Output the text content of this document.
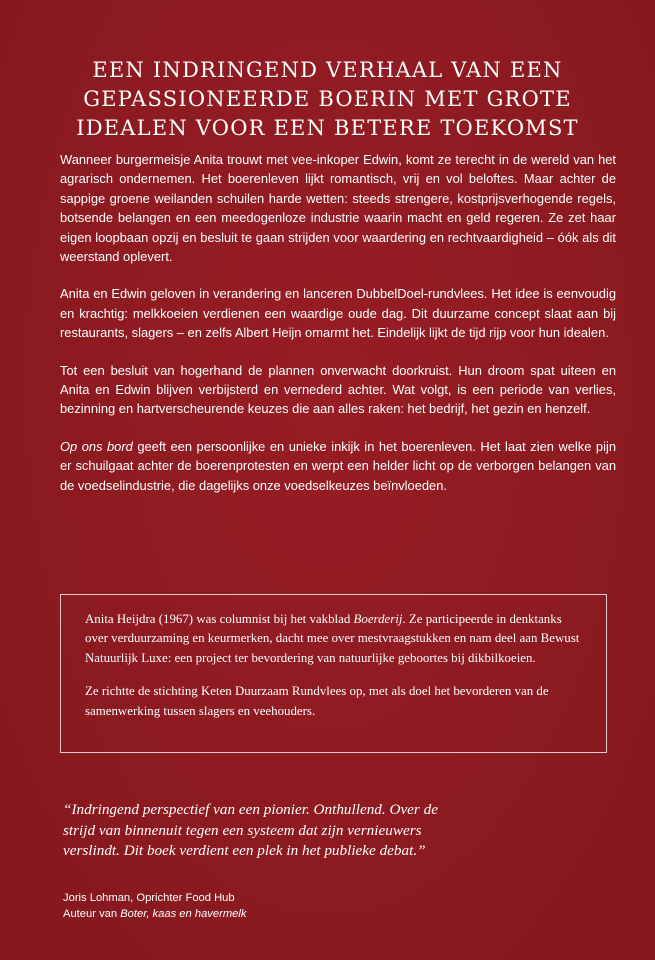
EEN INDRINGEND VERHAAL VAN EEN
GEPASSIONEERDE BOERIN MET GROTE
IDEALEN VOOR EEN BETERE TOEKOMST

Wanneer burgermeisje Anita trouwt met vee-inkoper Edwin, komt ze terecht in de wereld van het agrarisch ondernemen. Het boerenleven lijkt romantisch, vrij en vol beloftes. Maar achter de sappige groene weilanden schuilen harde wetten: steeds strengere, kostprijsverhogende regels, botsende belangen en een meedogenloze industrie waarin macht en geld regeren. Ze zet haar eigen loopbaan opzij en besluit te gaan strijden voor waardering en rechtvaardigheid – óók als dit weerstand oplevert.

Anita en Edwin geloven in verandering en lanceren DubbelDoel-rundvlees. Het idee is eenvoudig en krachtig: melkkoeien verdienen een waardige oude dag. Dit duurzame concept slaat aan bij restaurants, slagers – en zelfs Albert Heijn omarmt het. Eindelijk lijkt de tijd rijp voor hun idealen.

Tot een besluit van hogerhand de plannen onverwacht doorkruist. Hun droom spat uiteen en Anita en Edwin blijven verbijsterd en vernederd achter. Wat volgt, is een periode van verlies, bezinning en hartverscheurende keuzes die aan alles raken: het bedrijf, het gezin en henzelf.

Op ons bord geeft een persoonlijke en unieke inkijk in het boerenleven. Het laat zien welke pijn er schuilgaat achter de boerenprotesten en werpt een helder licht op de verborgen belangen van de voedselindustrie, die dagelijks onze voedselkeuzes beïnvloeden.

Anita Heijdra (1967) was columnist bij het vakblad Boerderij. Ze participeerde in denktanks over verduurzaming en keurmerken, dacht mee over mestvraagstukken en nam deel aan Bewust Natuurlijk Luxe: een project ter bevordering van natuurlijke geboortes bij dikbilkoeien.

Ze richtte de stichting Keten Duurzaam Rundvlees op, met als doel het bevorderen van de samenwerking tussen slagers en veehouders.

“Indringend perspectief van een pionier. Onthullend. Over de strijd van binnenuit tegen een systeem dat zijn vernieuwers verslindt. Dit boek verdient een plek in het publieke debat.”

Joris Lohman, Oprichter Food Hub
Auteur van Boter, kaas en havermelk
